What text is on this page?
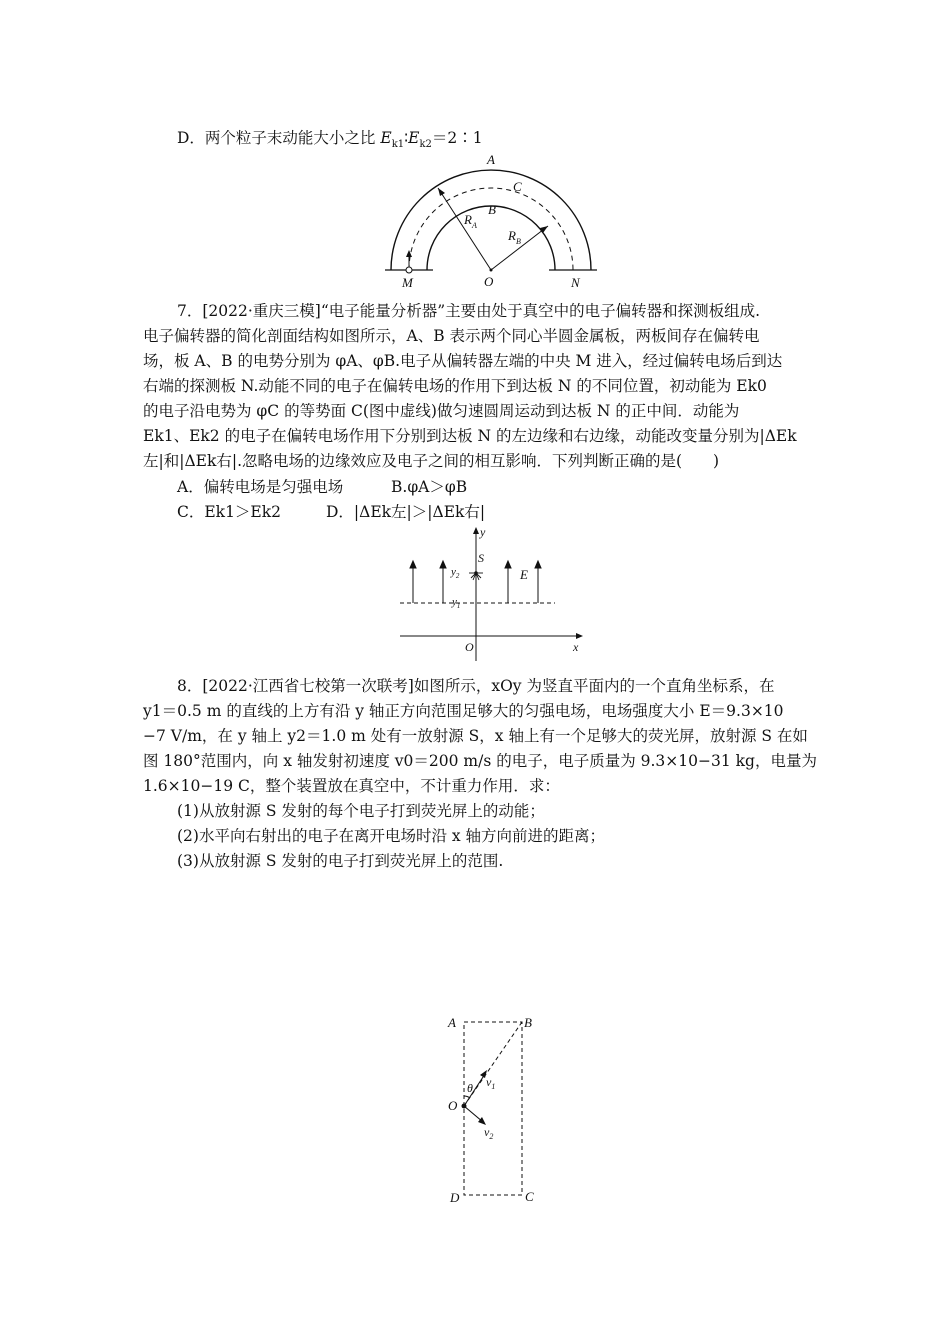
D．两个粒子末动能大小之比 $E_{k1}∶E_{k2}=2∶1$
A
C
B
$R_A$
$R_B$
O
M	N
7．[2022·重庆三模]“电子能量分析器”主要由处于真空中的电子偏转器和探测板组成.
电子偏转器的简化剖面结构如图所示，A、B 表示两个同心半圆金属板，两板间存在偏转电
场，板 A、B 的电势分别为 φA、φB.电子从偏转器左端的中央 M 进入，经过偏转电场后到达
右端的探测板 N.动能不同的电子在偏转电场的作用下到达板 N 的不同位置，初动能为 Ek0
的电子沿电势为 φC 的等势面 C(图中虚线)做匀速圆周运动到达板 N 的正中间．动能为
Ek1、Ek2 的电子在偏转电场作用下分别到达板 N 的左边缘和右边缘，动能改变量分别为|ΔEk
左|和|ΔEk右|.忽略电场的边缘效应及电子之间的相互影响．下列判断正确的是(　　)
A．偏转电场是匀强电场	B.φA＞φB
C．Ek1＞Ek2	D．|ΔEk左|＞|ΔEk右|
y
S
$y_2$
$y_1$
E
O	x
8．[2022·江西省七校第一次联考]如图所示，xOy 为竖直平面内的一个直角坐标系，在
y1＝0.5 m 的直线的上方有沿 y 轴正方向范围足够大的匀强电场，电场强度大小 E＝9.3×10
−7 V/m，在 y 轴上 y2＝1.0 m 处有一放射源 S，x 轴上有一个足够大的荧光屏，放射源 S 在如
图 180°范围内，向 x 轴发射初速度 v0＝200 m/s 的电子，电子质量为 9.3×10−31 kg，电量为
1.6×10−19 C，整个装置放在真空中，不计重力作用．求：
(1)从放射源 S 发射的每个电子打到荧光屏上的动能；
(2)水平向右射出的电子在离开电场时沿 x 轴方向前进的距离；
(3)从放射源 S 发射的电子打到荧光屏上的范围.
A	B
D	C
O
θ $v_1$
$v_2$
